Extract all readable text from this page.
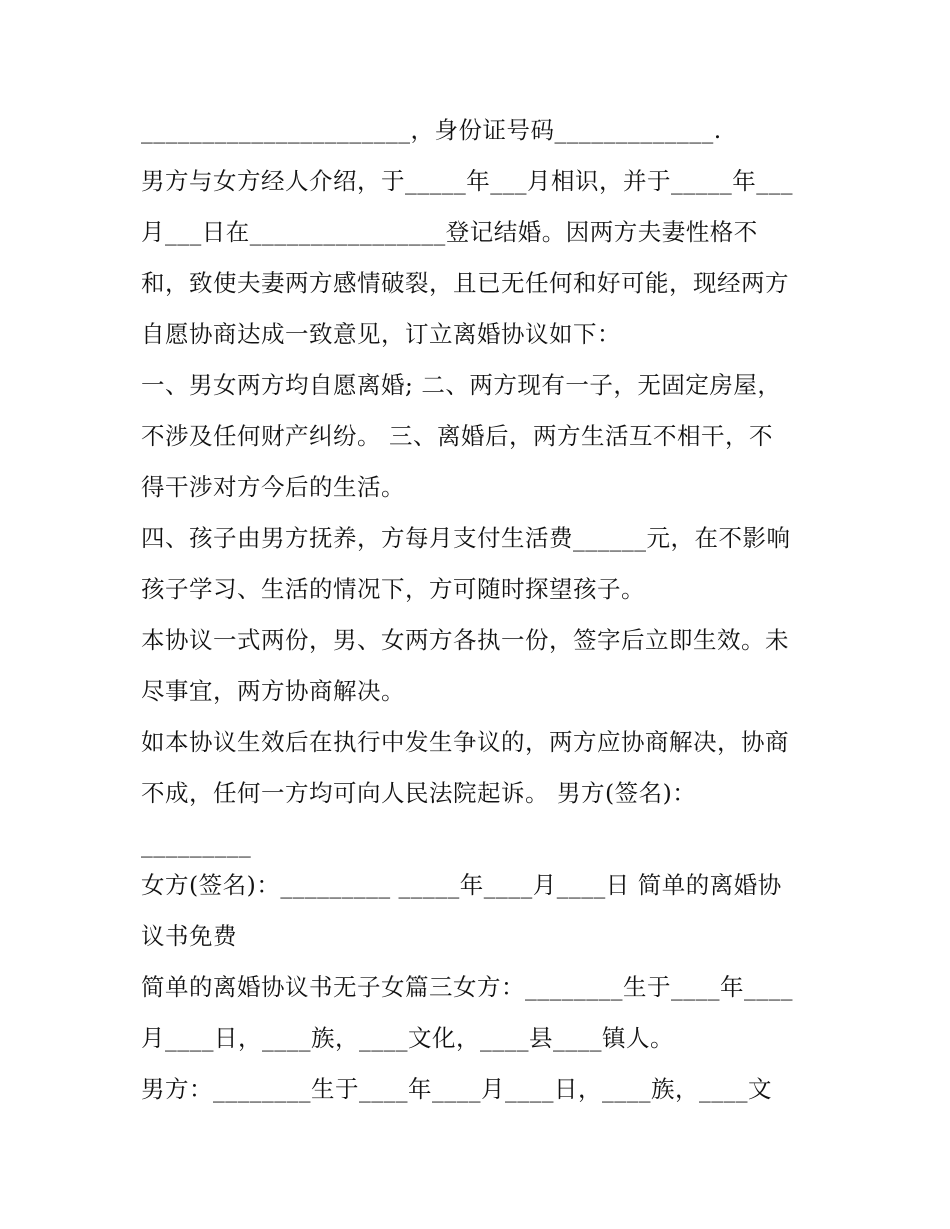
______________________，身份证号码_____________.
男方与女方经人介绍，于_____年___月相识，并于_____年___
月___日在________________登记结婚。因两方夫妻性格不
和，致使夫妻两方感情破裂，且已无任何和好可能，现经两方
自愿协商达成一致意见，订立离婚协议如下：
一、男女两方均自愿离婚; 二、两方现有一子，无固定房屋，
不涉及任何财产纠纷。 三、离婚后，两方生活互不相干，不
得干涉对方今后的生活。
四、孩子由男方抚养，方每月支付生活费______元，在不影响
孩子学习、生活的情况下，方可随时探望孩子。
本协议一式两份，男、女两方各执一份，签字后立即生效。未
尽事宜，两方协商解决。
如本协议生效后在执行中发生争议的，两方应协商解决，协商
不成，任何一方均可向人民法院起诉。 男方(签名)：
_________
女方(签名)：_________ _____年____月____日 简单的离婚协
议书免费
简单的离婚协议书无子女篇三女方：________生于____年____
月____日，____族，____文化，____县____镇人。
男方：________生于____年____月____日，____族，____文
